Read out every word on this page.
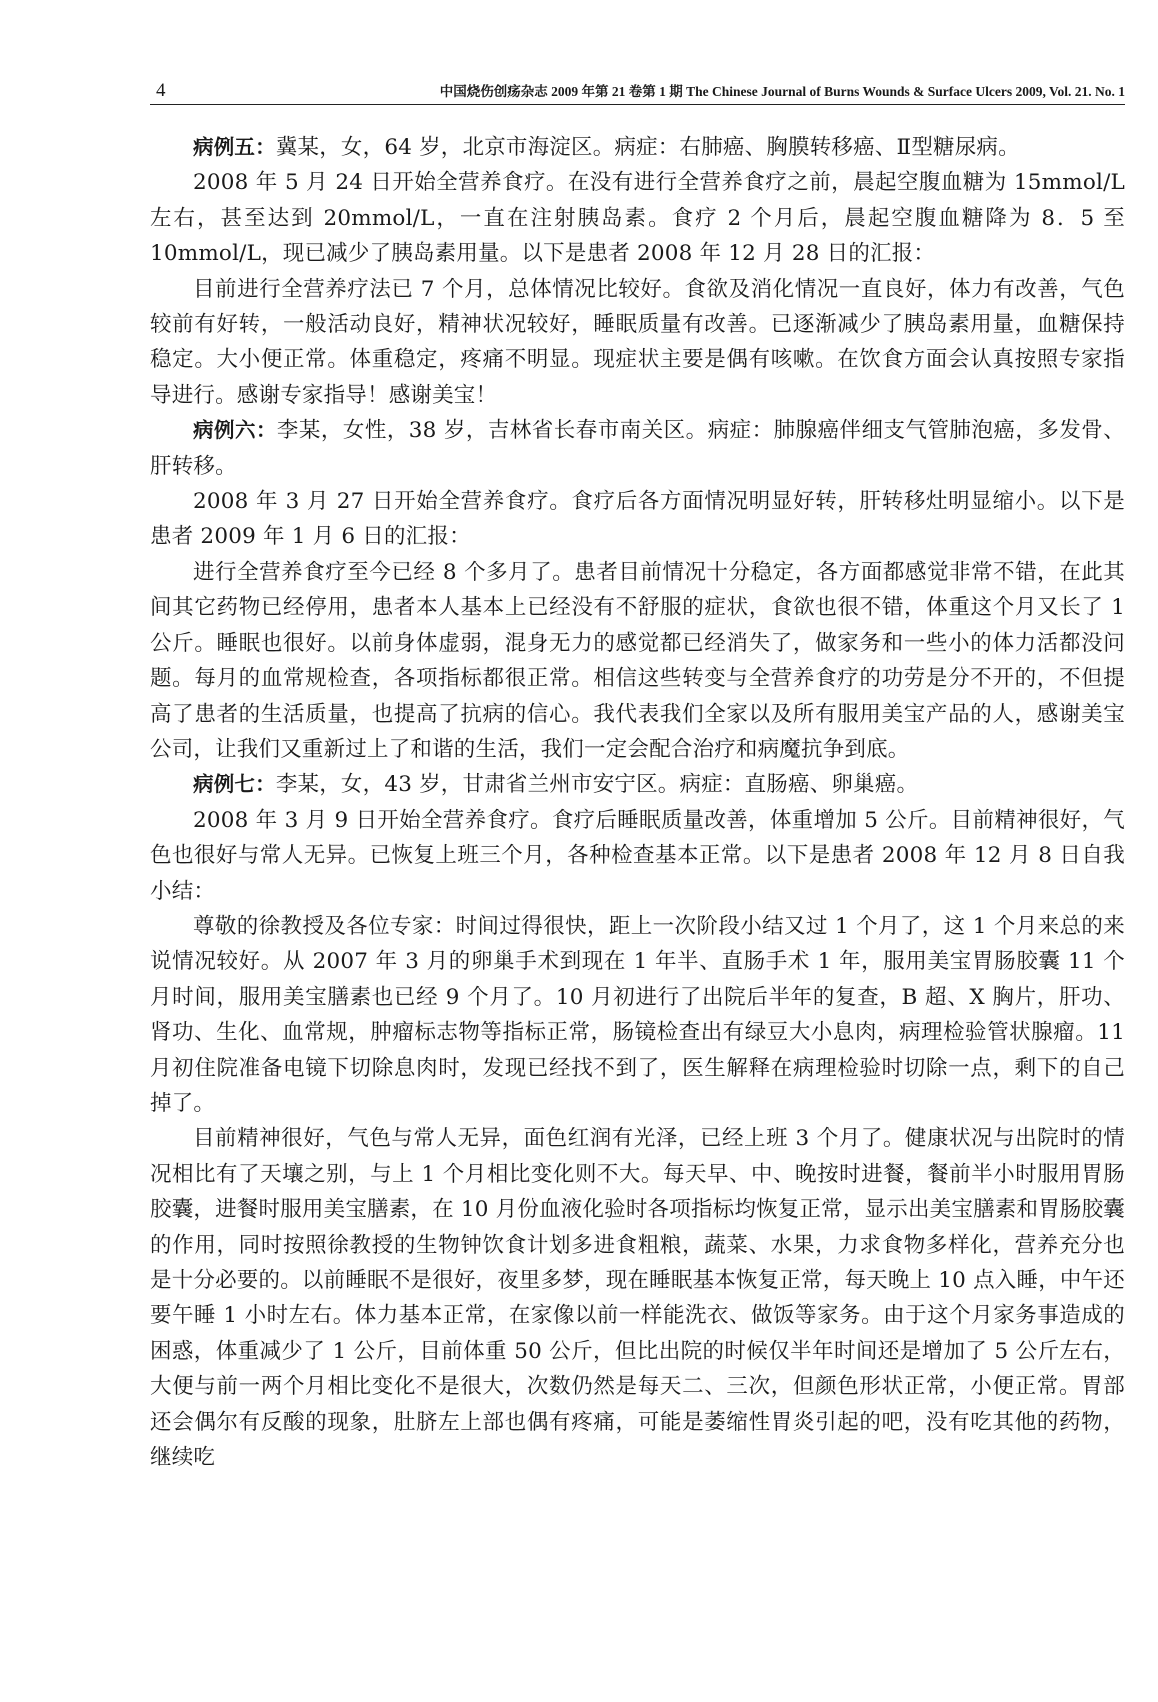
4	中国烧伤创疡杂志 2009 年第 21 卷第 1 期 The Chinese Journal of Burns Wounds & Surface Ulcers 2009, Vol. 21. No. 1

病例五：冀某，女，64 岁，北京市海淀区。病症：右肺癌、胸膜转移癌、Ⅱ型糖尿病。

2008 年 5 月 24 日开始全营养食疗。在没有进行全营养食疗之前，晨起空腹血糖为 15mmol/L 左右，甚至达到 20mmol/L，一直在注射胰岛素。食疗 2 个月后，晨起空腹血糖降为 8．5 至 10mmol/L，现已减少了胰岛素用量。以下是患者 2008 年 12 月 28 日的汇报：

目前进行全营养疗法已 7 个月，总体情况比较好。食欲及消化情况一直良好，体力有改善，气色较前有好转，一般活动良好，精神状况较好，睡眠质量有改善。已逐渐减少了胰岛素用量，血糖保持稳定。大小便正常。体重稳定，疼痛不明显。现症状主要是偶有咳嗽。在饮食方面会认真按照专家指导进行。感谢专家指导！感谢美宝！

病例六：李某，女性，38 岁，吉林省长春市南关区。病症：肺腺癌伴细支气管肺泡癌，多发骨、肝转移。

2008 年 3 月 27 日开始全营养食疗。食疗后各方面情况明显好转，肝转移灶明显缩小。以下是患者 2009 年 1 月 6 日的汇报：

进行全营养食疗至今已经 8 个多月了。患者目前情况十分稳定，各方面都感觉非常不错，在此其间其它药物已经停用，患者本人基本上已经没有不舒服的症状，食欲也很不错，体重这个月又长了 1 公斤。睡眠也很好。以前身体虚弱，混身无力的感觉都已经消失了，做家务和一些小的体力活都没问题。每月的血常规检查，各项指标都很正常。相信这些转变与全营养食疗的功劳是分不开的，不但提高了患者的生活质量，也提高了抗病的信心。我代表我们全家以及所有服用美宝产品的人，感谢美宝公司，让我们又重新过上了和谐的生活，我们一定会配合治疗和病魔抗争到底。

病例七：李某，女，43 岁，甘肃省兰州市安宁区。病症：直肠癌、卵巢癌。

2008 年 3 月 9 日开始全营养食疗。食疗后睡眠质量改善，体重增加 5 公斤。目前精神很好，气色也很好与常人无异。已恢复上班三个月，各种检查基本正常。以下是患者 2008 年 12 月 8 日自我小结：

尊敬的徐教授及各位专家：时间过得很快，距上一次阶段小结又过 1 个月了，这 1 个月来总的来说情况较好。从 2007 年 3 月的卵巢手术到现在 1 年半、直肠手术 1 年，服用美宝胃肠胶囊 11 个月时间，服用美宝膳素也已经 9 个月了。10 月初进行了出院后半年的复查，B 超、X 胸片，肝功、肾功、生化、血常规，肿瘤标志物等指标正常，肠镜检查出有绿豆大小息肉，病理检验管状腺瘤。11 月初住院准备电镜下切除息肉时，发现已经找不到了，医生解释在病理检验时切除一点，剩下的自己掉了。

目前精神很好，气色与常人无异，面色红润有光泽，已经上班 3 个月了。健康状况与出院时的情况相比有了天壤之别，与上 1 个月相比变化则不大。每天早、中、晚按时进餐，餐前半小时服用胃肠胶囊，进餐时服用美宝膳素，在 10 月份血液化验时各项指标均恢复正常，显示出美宝膳素和胃肠胶囊的作用，同时按照徐教授的生物钟饮食计划多进食粗粮，蔬菜、水果，力求食物多样化，营养充分也是十分必要的。以前睡眠不是很好，夜里多梦，现在睡眠基本恢复正常，每天晚上 10 点入睡，中午还要午睡 1 小时左右。体力基本正常，在家像以前一样能洗衣、做饭等家务。由于这个月家务事造成的困惑，体重减少了 1 公斤，目前体重 50 公斤，但比出院的时候仅半年时间还是增加了 5 公斤左右，大便与前一两个月相比变化不是很大，次数仍然是每天二、三次，但颜色形状正常，小便正常。胃部还会偶尔有反酸的现象，肚脐左上部也偶有疼痛，可能是萎缩性胃炎引起的吧，没有吃其他的药物，继续吃
